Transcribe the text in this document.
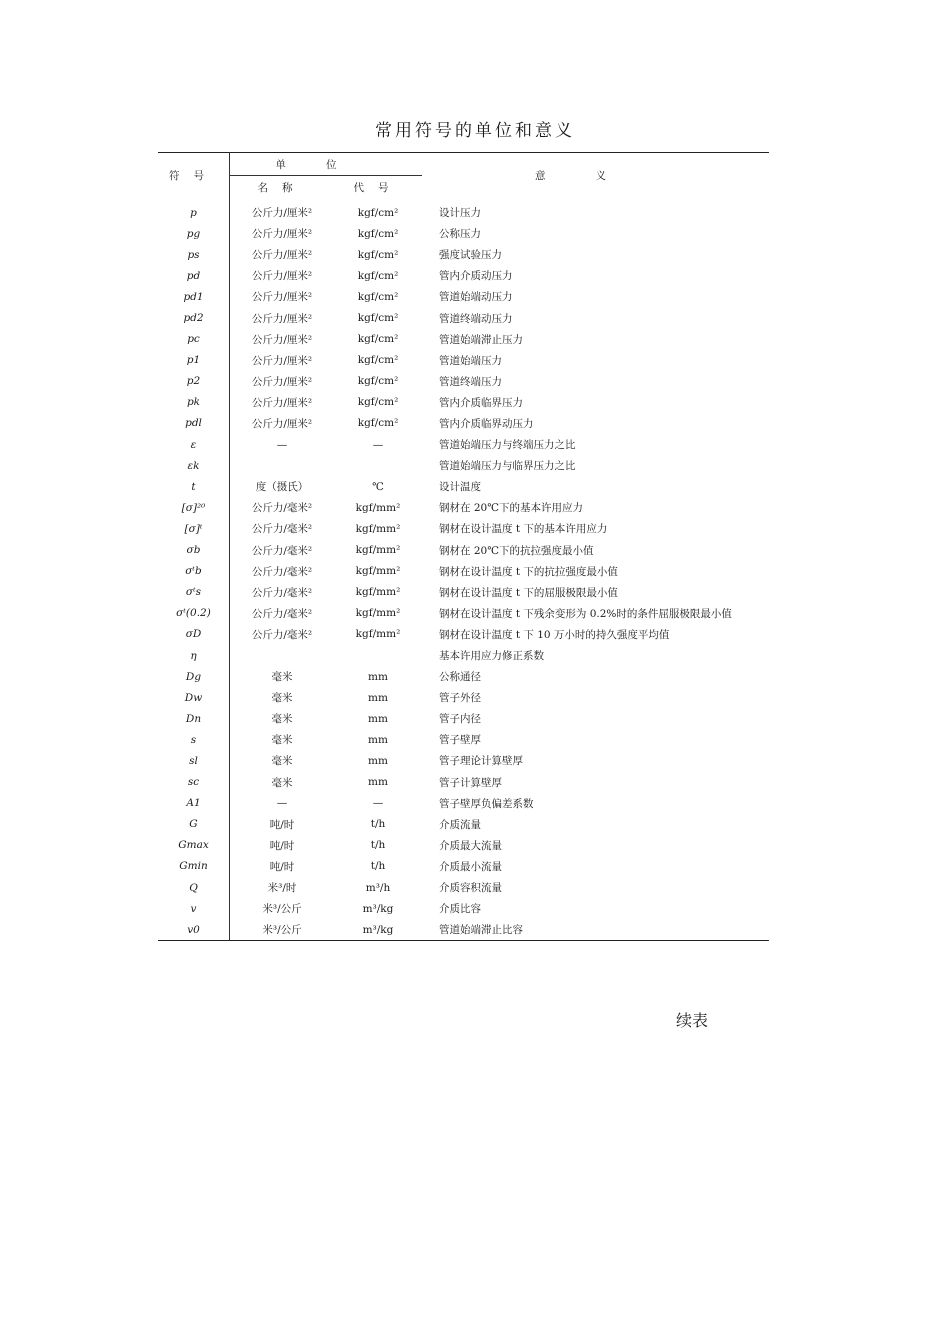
常用符号的单位和意义
符号	单位		意义
	名称	代号	
p	公斤力/厘米²	kgf/cm²	设计压力
pg	公斤力/厘米²	kgf/cm²	公称压力
ps	公斤力/厘米²	kgf/cm²	强度试验压力
pd	公斤力/厘米²	kgf/cm²	管内介质动压力
pd1	公斤力/厘米²	kgf/cm²	管道始端动压力
pd2	公斤力/厘米²	kgf/cm²	管道终端动压力
pc	公斤力/厘米²	kgf/cm²	管道始端滞止压力
p1	公斤力/厘米²	kgf/cm²	管道始端压力
p2	公斤力/厘米²	kgf/cm²	管道终端压力
pk	公斤力/厘米²	kgf/cm²	管内介质临界压力
pdl	公斤力/厘米²	kgf/cm²	管内介质临界动压力
ε	—	—	管道始端压力与终端压力之比
εk			管道始端压力与临界压力之比
t	度（摄氏）	℃	设计温度
[σ]²⁰	公斤力/毫米²	kgf/mm²	钢材在 20℃下的基本许用应力
[σ]ᵗ	公斤力/毫米²	kgf/mm²	钢材在设计温度 t 下的基本许用应力
σb	公斤力/毫米²	kgf/mm²	钢材在 20℃下的抗拉强度最小值
σᵗb	公斤力/毫米²	kgf/mm²	钢材在设计温度 t 下的抗拉强度最小值
σᵗs	公斤力/毫米²	kgf/mm²	钢材在设计温度 t 下的屈服极限最小值
σᵗ(0.2)	公斤力/毫米²	kgf/mm²	钢材在设计温度 t 下残余变形为 0.2%时的条件屈服极限最小值
σD	公斤力/毫米²	kgf/mm²	钢材在设计温度 t 下 10 万小时的持久强度平均值
η			基本许用应力修正系数
Dg	毫米	mm	公称通径
Dw	毫米	mm	管子外径
Dn	毫米	mm	管子内径
s	毫米	mm	管子壁厚
sl	毫米	mm	管子理论计算壁厚
sc	毫米	mm	管子计算壁厚
A1	—	—	管子壁厚负偏差系数
G	吨/时	t/h	介质流量
Gmax	吨/时	t/h	介质最大流量
Gmin	吨/时	t/h	介质最小流量
Q	米³/时	m³/h	介质容积流量
v	米³/公斤	m³/kg	介质比容
v0	米³/公斤	m³/kg	管道始端滞止比容
续表
